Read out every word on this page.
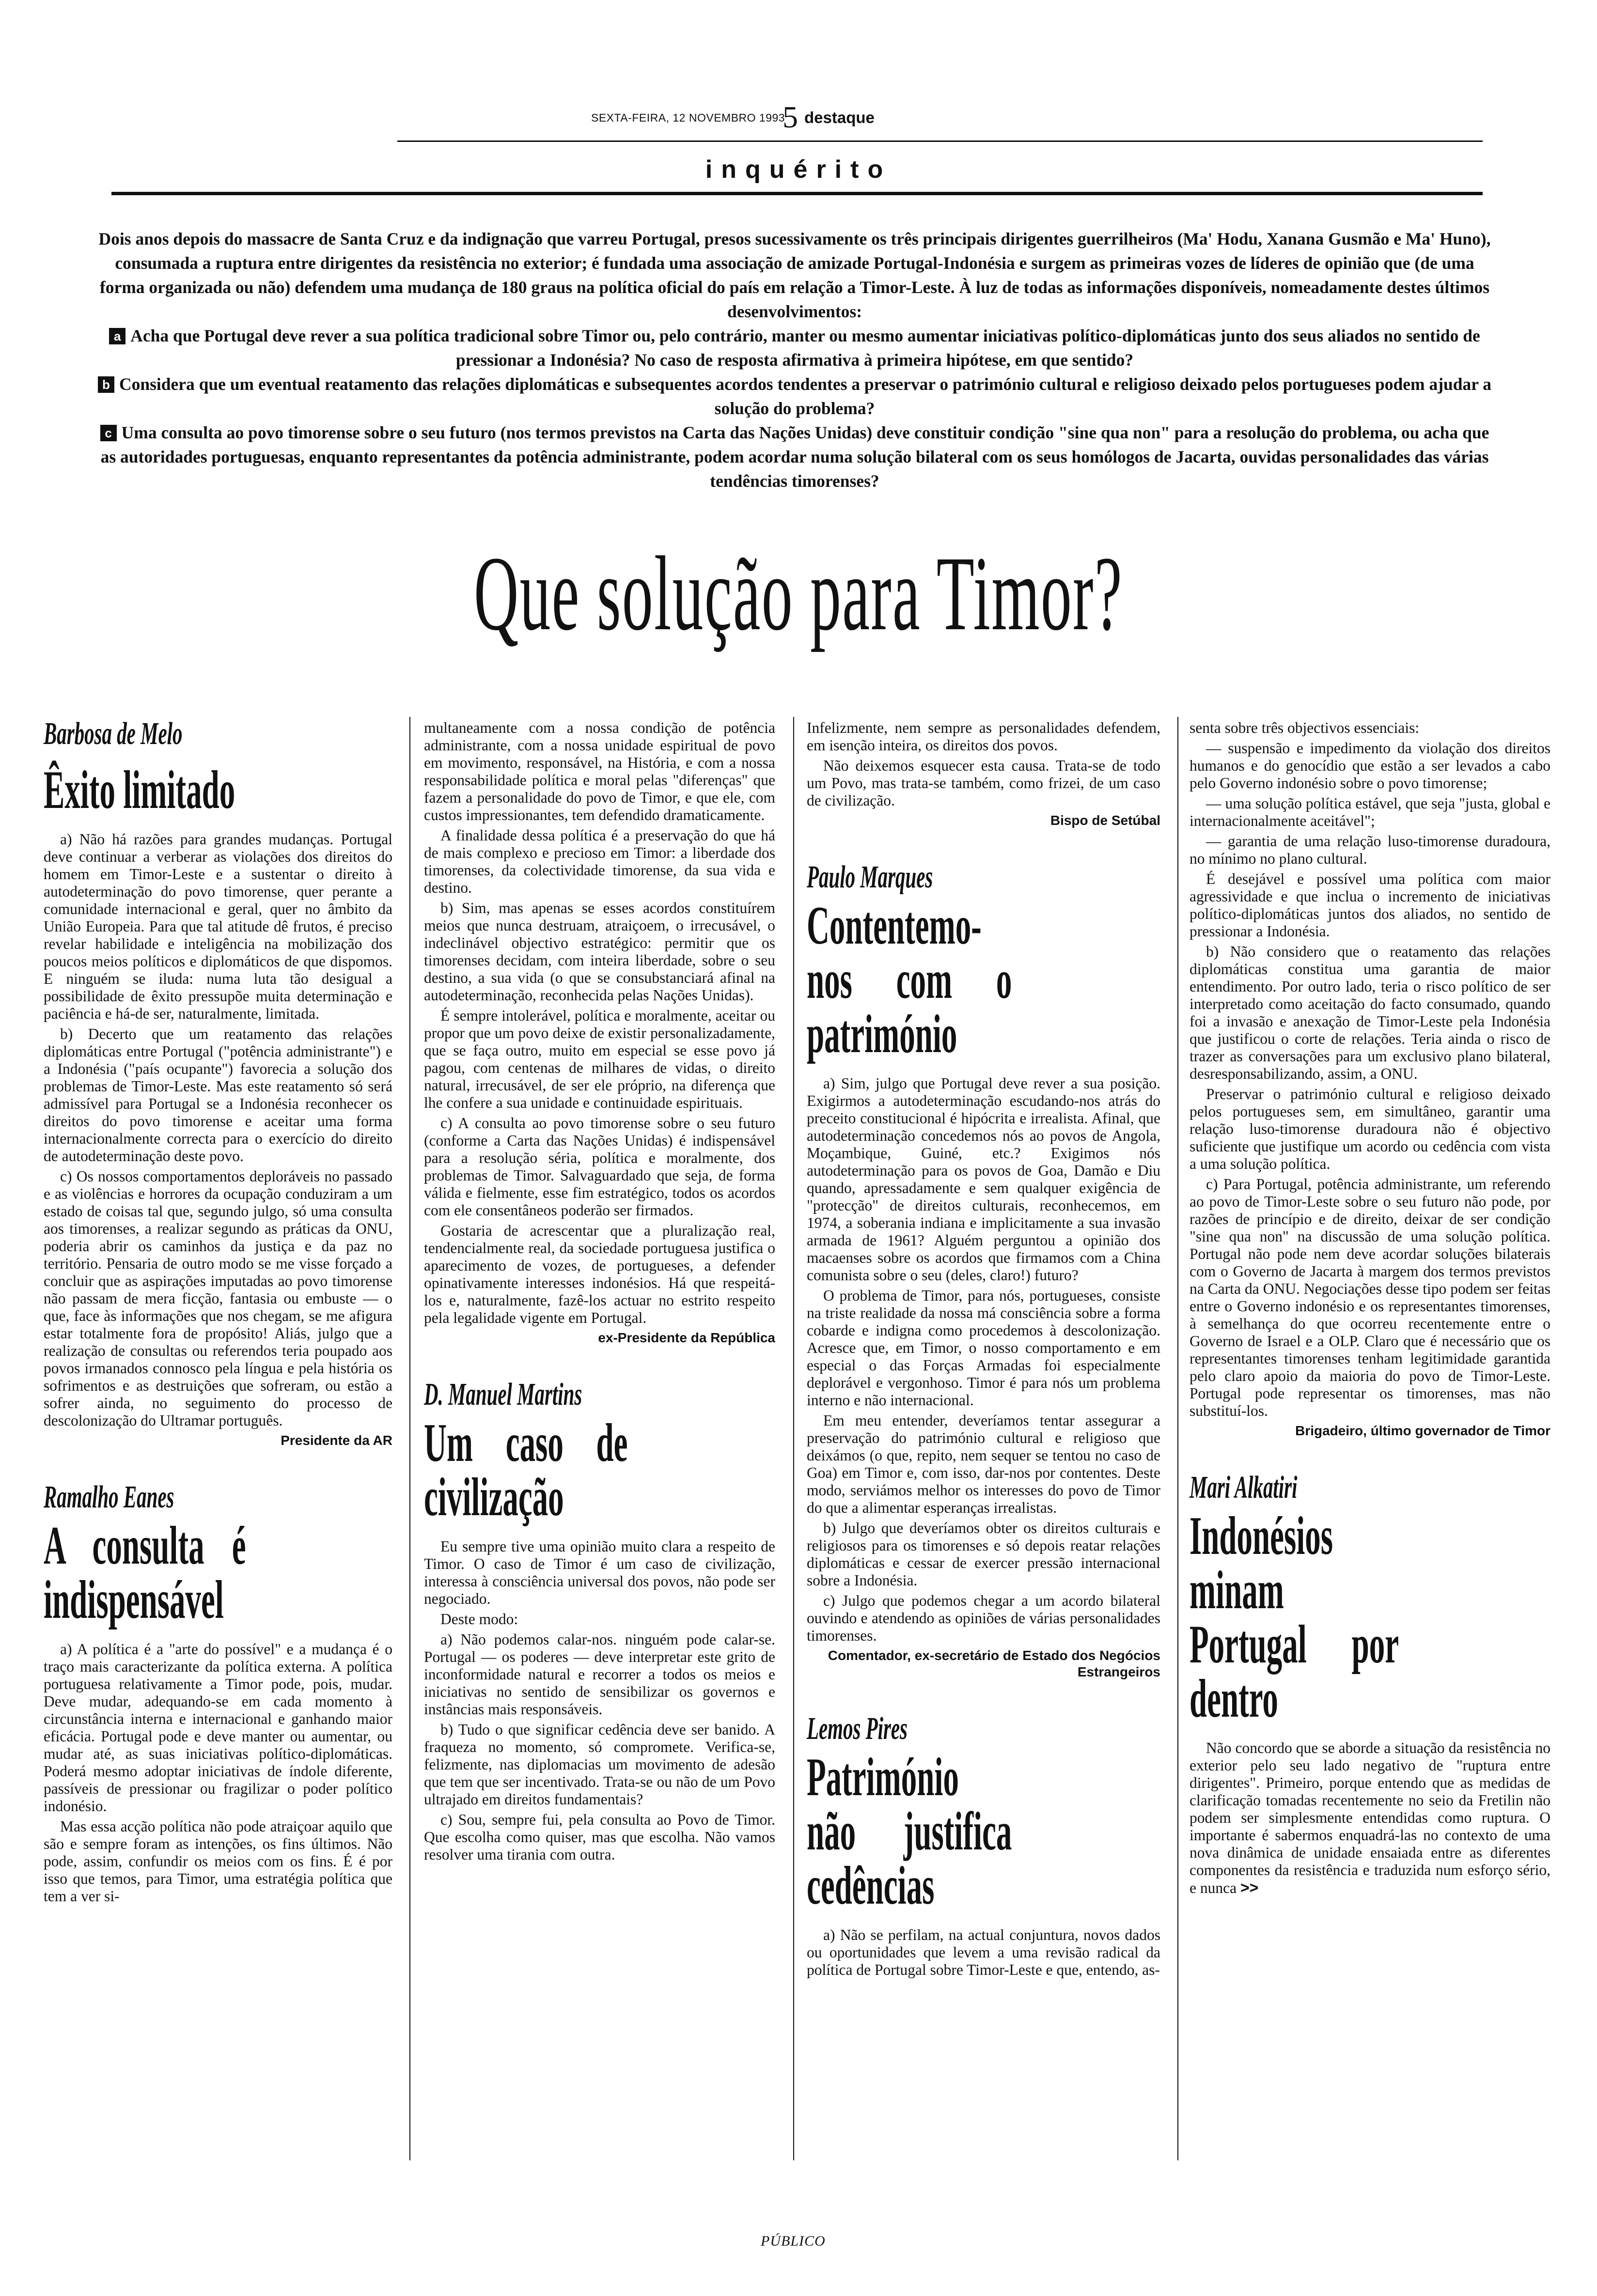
SEXTA-FEIRA, 12 NOVEMBRO 1993
5 destaque
inquérito

Dois anos depois do massacre de Santa Cruz e da indignação que varreu Portugal, presos sucessivamente os três principais dirigentes guerrilheiros (Ma' Hodu, Xanana Gusmão e Ma' Huno), consumada a ruptura entre dirigentes da resistência no exterior; é fundada uma associação de amizade Portugal-Indonésia e surgem as primeiras vozes de líderes de opinião que (de uma forma organizada ou não) defendem uma mudança de 180 graus na política oficial do país em relação a Timor-Leste. À luz de todas as informações disponíveis, nomeadamente destes últimos desenvolvimentos:

a Acha que Portugal deve rever a sua política tradicional sobre Timor ou, pelo contrário, manter ou mesmo aumentar iniciativas político-diplomáticas junto dos seus aliados no sentido de pressionar a Indonésia? No caso de resposta afirmativa à primeira hipótese, em que sentido?

b Considera que um eventual reatamento das relações diplomáticas e subsequentes acordos tendentes a preservar o património cultural e religioso deixado pelos portugueses podem ajudar a solução do problema?

c Uma consulta ao povo timorense sobre o seu futuro (nos termos previstos na Carta das Nações Unidas) deve constituir condição "sine qua non" para a resolução do problema, ou acha que as autoridades portuguesas, enquanto representantes da potência administrante, podem acordar numa solução bilateral com os seus homólogos de Jacarta, ouvidas personalidades das várias tendências timorenses?

Que solução para Timor?
Barbosa de Melo
Êxito limitado

a) Não há razões para grandes mudanças. Portugal deve continuar a verberar as violações dos direitos do homem em Timor-Leste e a sustentar o direito à autodeterminação do povo timorense, quer perante a comunidade internacional e geral, quer no âmbito da União Europeia. Para que tal atitude dê frutos, é preciso revelar habilidade e inteligência na mobilização dos poucos meios políticos e diplomáticos de que dispomos. E ninguém se iluda: numa luta tão desigual a possibilidade de êxito pressupõe muita determinação e paciência e há-de ser, naturalmente, limitada.

b) Decerto que um reatamento das relações diplomáticas entre Portugal ("potência administrante") e a Indonésia ("país ocupante") favorecia a solução dos problemas de Timor-Leste. Mas este reatamento só será admissível para Portugal se a Indonésia reconhecer os direitos do povo timorense e aceitar uma forma internacionalmente correcta para o exercício do direito de autodeterminação deste povo.

c) Os nossos comportamentos deploráveis no passado e as violências e horrores da ocupação conduziram a um estado de coisas tal que, segundo julgo, só uma consulta aos timorenses, a realizar segundo as práticas da ONU, poderia abrir os caminhos da justiça e da paz no território. Pensaria de outro modo se me visse forçado a concluir que as aspirações imputadas ao povo timorense não passam de mera ficção, fantasia ou embuste — o que, face às informações que nos chegam, se me afigura estar totalmente fora de propósito! Aliás, julgo que a realização de consultas ou referendos teria poupado aos povos irmanados connosco pela língua e pela história os sofrimentos e as destruições que sofreram, ou estão a sofrer ainda, no seguimento do processo de descolonização do Ultramar português.

Presidente da AR
Ramalho Eanes
A consulta é indispensável

a) A política é a "arte do possível" e a mudança é o traço mais caracterizante da política externa. A política portuguesa relativamente a Timor pode, pois, mudar. Deve mudar, adequando-se em cada momento à circunstância interna e internacional e ganhando maior eficácia. Portugal pode e deve manter ou aumentar, ou mudar até, as suas iniciativas político-diplomáticas. Poderá mesmo adoptar iniciativas de índole diferente, passíveis de pressionar ou fragilizar o poder político indonésio.

Mas essa acção política não pode atraiçoar aquilo que são e sempre foram as intenções, os fins últimos. Não pode, assim, confundir os meios com os fins. É é por isso que temos, para Timor, uma estratégia política que tem a ver si-

multaneamente com a nossa condição de potência administrante, com a nossa unidade espiritual de povo em movimento, responsável, na História, e com a nossa responsabilidade política e moral pelas "diferenças" que fazem a personalidade do povo de Timor, e que ele, com custos impressionantes, tem defendido dramaticamente.

A finalidade dessa política é a preservação do que há de mais complexo e precioso em Timor: a liberdade dos timorenses, da colectividade timorense, da sua vida e destino.

b) Sim, mas apenas se esses acordos constituírem meios que nunca destruam, atraiçoem, o irrecusável, o indeclinável objectivo estratégico: permitir que os timorenses decidam, com inteira liberdade, sobre o seu destino, a sua vida (o que se consubstanciará afinal na autodeterminação, reconhecida pelas Nações Unidas).

É sempre intolerável, política e moralmente, aceitar ou propor que um povo deixe de existir personalizadamente, que se faça outro, muito em especial se esse povo já pagou, com centenas de milhares de vidas, o direito natural, irrecusável, de ser ele próprio, na diferença que lhe confere a sua unidade e continuidade espirituais.

c) A consulta ao povo timorense sobre o seu futuro (conforme a Carta das Nações Unidas) é indispensável para a resolução séria, política e moralmente, dos problemas de Timor. Salvaguardado que seja, de forma válida e fielmente, esse fim estratégico, todos os acordos com ele consentâneos poderão ser firmados.

Gostaria de acrescentar que a pluralização real, tendencialmente real, da sociedade portuguesa justifica o aparecimento de vozes, de portugueses, a defender opinativamente interesses indonésios. Há que respeitá-los e, naturalmente, fazê-los actuar no estrito respeito pela legalidade vigente em Portugal.

ex-Presidente da República
D. Manuel Martins
Um caso de civilização

Eu sempre tive uma opinião muito clara a respeito de Timor. O caso de Timor é um caso de civilização, interessa à consciência universal dos povos, não pode ser negociado.

Deste modo:

a) Não podemos calar-nos. ninguém pode calar-se. Portugal — os poderes — deve interpretar este grito de inconformidade natural e recorrer a todos os meios e iniciativas no sentido de sensibilizar os governos e instâncias mais responsáveis.

b) Tudo o que significar cedência deve ser banido. A fraqueza no momento, só compromete. Verifica-se, felizmente, nas diplomacias um movimento de adesão que tem que ser incentivado. Trata-se ou não de um Povo ultrajado em direitos fundamentais?

c) Sou, sempre fui, pela consulta ao Povo de Timor. Que escolha como quiser, mas que escolha. Não vamos resolver uma tirania com outra.

Infelizmente, nem sempre as personalidades defendem, em isenção inteira, os direitos dos povos.

Não deixemos esquecer esta causa. Trata-se de todo um Povo, mas trata-se também, como frizei, de um caso de civilização.

Bispo de Setúbal
Paulo Marques
Contentemo-nos com o património

a) Sim, julgo que Portugal deve rever a sua posição. Exigirmos a autodeterminação escudando-nos atrás do preceito constitucional é hipócrita e irrealista. Afinal, que autodeterminação concedemos nós ao povos de Angola, Moçambique, Guiné, etc.? Exigimos nós autodeterminação para os povos de Goa, Damão e Diu quando, apressadamente e sem qualquer exigência de "protecção" de direitos culturais, reconhecemos, em 1974, a soberania indiana e implicitamente a sua invasão armada de 1961? Alguém perguntou a opinião dos macaenses sobre os acordos que firmamos com a China comunista sobre o seu (deles, claro!) futuro?

O problema de Timor, para nós, portugueses, consiste na triste realidade da nossa má consciência sobre a forma cobarde e indigna como procedemos à descolonização. Acresce que, em Timor, o nosso comportamento e em especial o das Forças Armadas foi especialmente deplorável e vergonhoso. Timor é para nós um problema interno e não internacional.

Em meu entender, deveríamos tentar assegurar a preservação do património cultural e religioso que deixámos (o que, repito, nem sequer se tentou no caso de Goa) em Timor e, com isso, dar-nos por contentes. Deste modo, serviámos melhor os interesses do povo de Timor do que a alimentar esperanças irrealistas.

b) Julgo que deveríamos obter os direitos culturais e religiosos para os timorenses e só depois reatar relações diplomáticas e cessar de exercer pressão internacional sobre a Indonésia.

c) Julgo que podemos chegar a um acordo bilateral ouvindo e atendendo as opiniões de várias personalidades timorenses.

Comentador, ex-secretário de Estado dos Negócios Estrangeiros
Lemos Pires
Património não justifica cedências

a) Não se perfilam, na actual conjuntura, novos dados ou oportunidades que levem a uma revisão radical da política de Portugal sobre Timor-Leste e que, entendo, as-

senta sobre três objectivos essenciais:

— suspensão e impedimento da violação dos direitos humanos e do genocídio que estão a ser levados a cabo pelo Governo indonésio sobre o povo timorense;

— uma solução política estável, que seja "justa, global e internacionalmente aceitável";

— garantia de uma relação luso-timorense duradoura, no mínimo no plano cultural.

É desejável e possível uma política com maior agressividade e que inclua o incremento de iniciativas político-diplomáticas juntos dos aliados, no sentido de pressionar a Indonésia.

b) Não considero que o reatamento das relações diplomáticas constitua uma garantia de maior entendimento. Por outro lado, teria o risco político de ser interpretado como aceitação do facto consumado, quando foi a invasão e anexação de Timor-Leste pela Indonésia que justificou o corte de relações. Teria ainda o risco de trazer as conversações para um exclusivo plano bilateral, desresponsabilizando, assim, a ONU.

Preservar o património cultural e religioso deixado pelos portugueses sem, em simultâneo, garantir uma relação luso-timorense duradoura não é objectivo suficiente que justifique um acordo ou cedência com vista a uma solução política.

c) Para Portugal, potência administrante, um referendo ao povo de Timor-Leste sobre o seu futuro não pode, por razões de princípio e de direito, deixar de ser condição "sine qua non" na discussão de uma solução política. Portugal não pode nem deve acordar soluções bilaterais com o Governo de Jacarta à margem dos termos previstos na Carta da ONU. Negociações desse tipo podem ser feitas entre o Governo indonésio e os representantes timorenses, à semelhança do que ocorreu recentemente entre o Governo de Israel e a OLP. Claro que é necessário que os representantes timorenses tenham legitimidade garantida pelo claro apoio da maioria do povo de Timor-Leste. Portugal pode representar os timorenses, mas não substituí-los.

Brigadeiro, último governador de Timor
Mari Alkatiri
Indonésios minam Portugal por dentro

Não concordo que se aborde a situação da resistência no exterior pelo seu lado negativo de "ruptura entre dirigentes". Primeiro, porque entendo que as medidas de clarificação tomadas recentemente no seio da Fretilin não podem ser simplesmente entendidas como ruptura. O importante é sabermos enquadrá-las no contexto de uma nova dinâmica de unidade ensaiada entre as diferentes componentes da resistência e traduzida num esforço sério, e nunca >>

PÚBLICO
